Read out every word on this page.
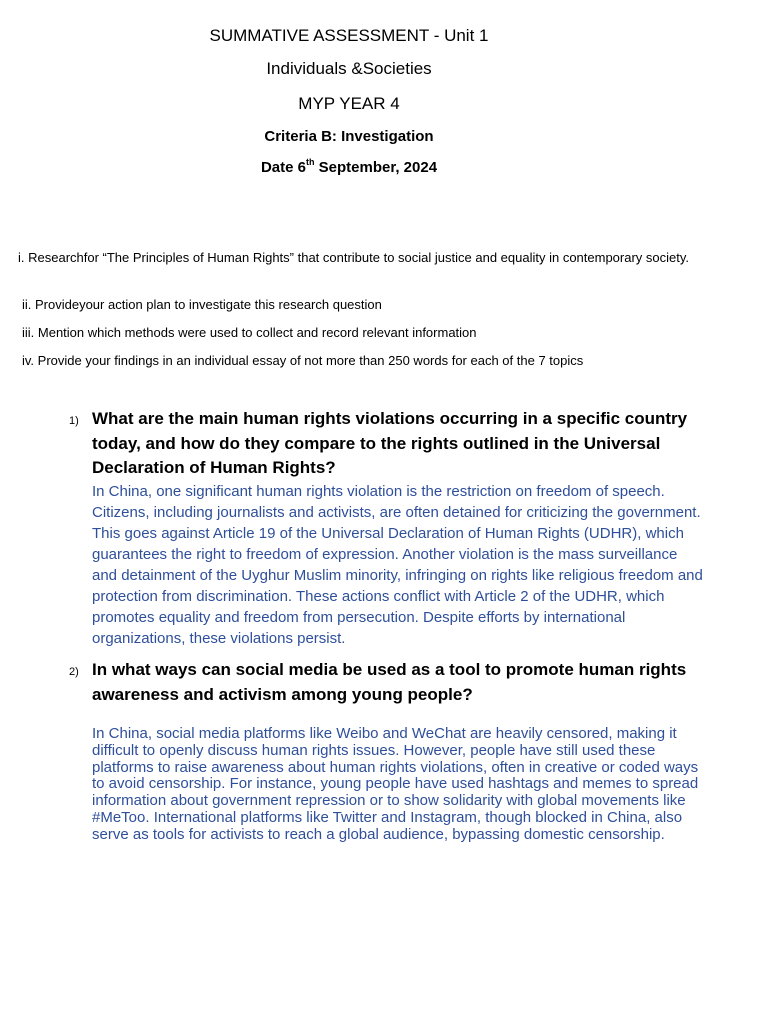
SUMMATIVE ASSESSMENT - Unit 1
Individuals &Societies
MYP YEAR 4
Criteria B: Investigation
Date 6th September, 2024
i. Researchfor “The Principles of Human Rights” that contribute to social justice and equality in contemporary society.
ii. Provideyour action plan to investigate this research question
iii. Mention which methods were used to collect and record relevant information
iv. Provide your findings in an individual essay of not more than 250 words for each of the 7 topics
1) What are the main human rights violations occurring in a specific country today, and how do they compare to the rights outlined in the Universal Declaration of Human Rights?
In China, one significant human rights violation is the restriction on freedom of speech. Citizens, including journalists and activists, are often detained for criticizing the government. This goes against Article 19 of the Universal Declaration of Human Rights (UDHR), which guarantees the right to freedom of expression. Another violation is the mass surveillance and detainment of the Uyghur Muslim minority, infringing on rights like religious freedom and protection from discrimination. These actions conflict with Article 2 of the UDHR, which promotes equality and freedom from persecution. Despite efforts by international organizations, these violations persist.
2) In what ways can social media be used as a tool to promote human rights awareness and activism among young people?
In China, social media platforms like Weibo and WeChat are heavily censored, making it difficult to openly discuss human rights issues. However, people have still used these platforms to raise awareness about human rights violations, often in creative or coded ways to avoid censorship. For instance, young people have used hashtags and memes to spread information about government repression or to show solidarity with global movements like #MeToo. International platforms like Twitter and Instagram, though blocked in China, also serve as tools for activists to reach a global audience, bypassing domestic censorship.
